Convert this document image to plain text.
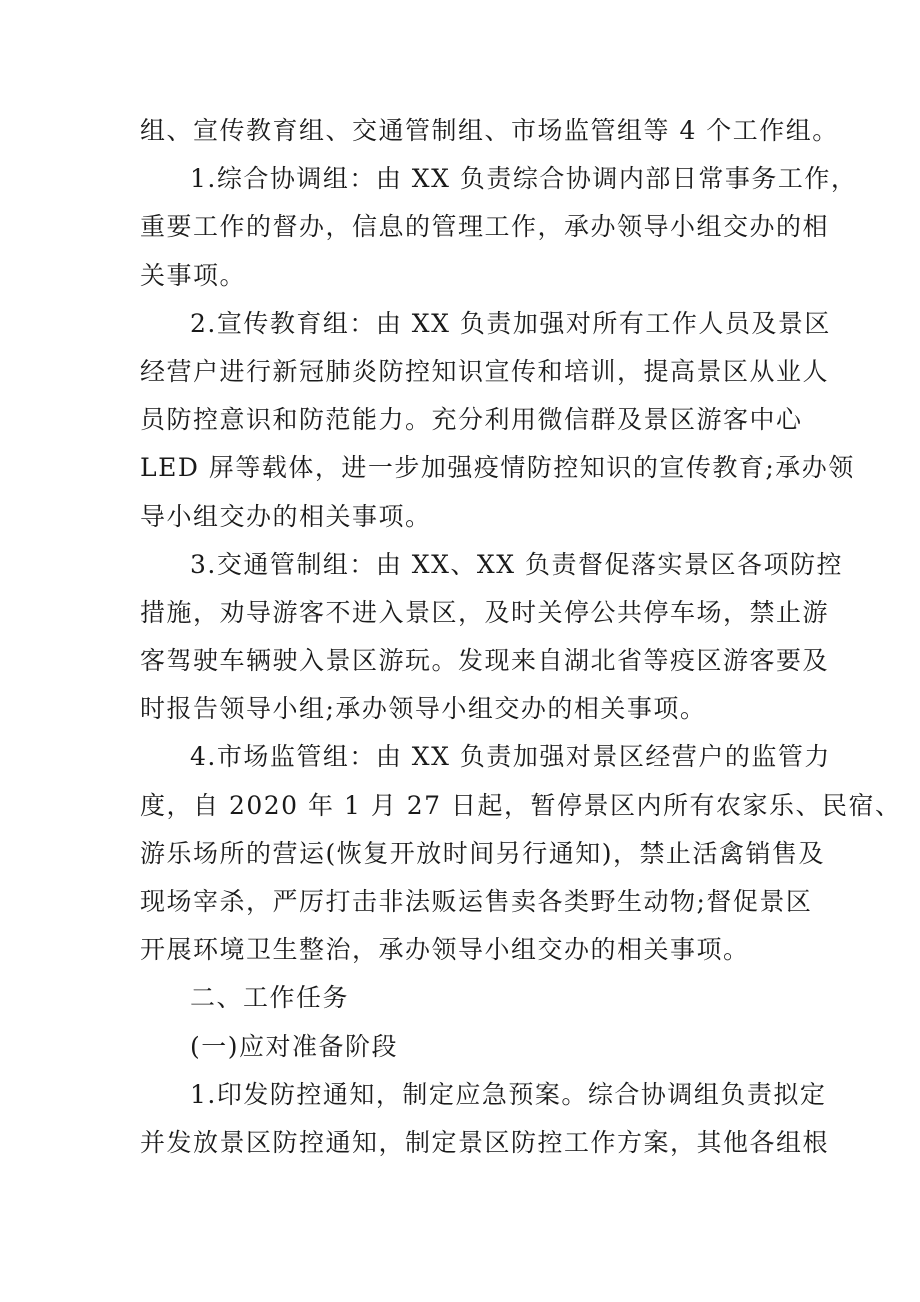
组、宣传教育组、交通管制组、市场监管组等 4 个工作组。
1.综合协调组：由 XX 负责综合协调内部日常事务工作，
重要工作的督办，信息的管理工作，承办领导小组交办的相
关事项。
2.宣传教育组：由 XX 负责加强对所有工作人员及景区
经营户进行新冠肺炎防控知识宣传和培训，提高景区从业人
员防控意识和防范能力。充分利用微信群及景区游客中心
LED 屏等载体，进一步加强疫情防控知识的宣传教育;承办领
导小组交办的相关事项。
3.交通管制组：由 XX、XX 负责督促落实景区各项防控
措施，劝导游客不进入景区，及时关停公共停车场，禁止游
客驾驶车辆驶入景区游玩。发现来自湖北省等疫区游客要及
时报告领导小组;承办领导小组交办的相关事项。
4.市场监管组：由 XX 负责加强对景区经营户的监管力
度，自 2020 年 1 月 27 日起，暂停景区内所有农家乐、民宿、
游乐场所的营运(恢复开放时间另行通知)，禁止活禽销售及
现场宰杀，严厉打击非法贩运售卖各类野生动物;督促景区
开展环境卫生整治，承办领导小组交办的相关事项。
二、工作任务
(一)应对准备阶段
1.印发防控通知，制定应急预案。综合协调组负责拟定
并发放景区防控通知，制定景区防控工作方案，其他各组根
